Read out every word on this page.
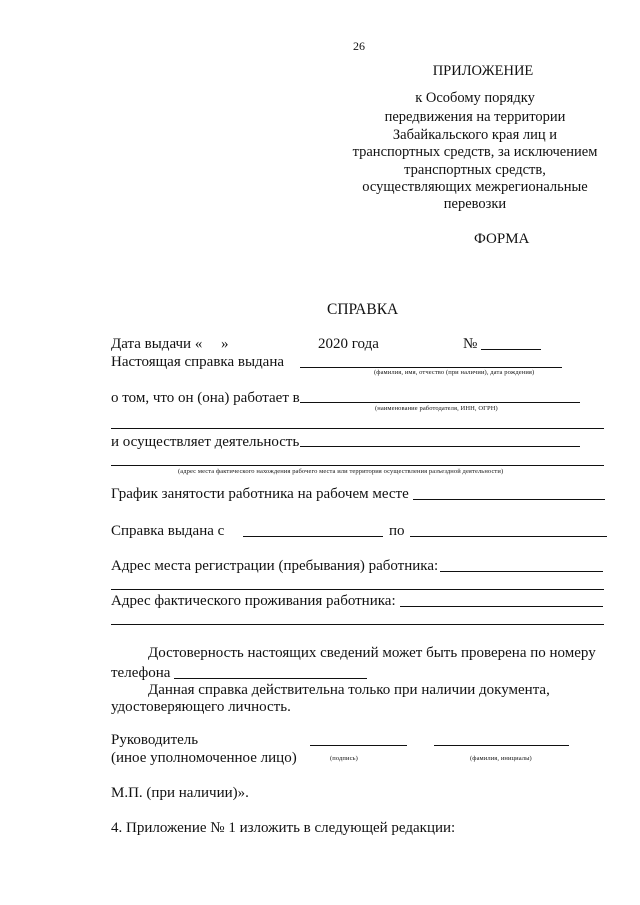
26
ПРИЛОЖЕНИЕ
к Особому порядку
передвижения на территории
Забайкальского края лиц и
транспортных средств, за исключением
транспортных средств,
осуществляющих межрегиональные
перевозки
ФОРМА
СПРАВКА
Дата выдачи « »	2020 года	№
Настоящая справка выдана
(фамилия, имя, отчество (при наличии), дата рождения)
о том, что он (она) работает в
(наименование работодателя, ИНН, ОГРН)
и осуществляет деятельность
(адрес места фактического нахождения рабочего места или территория осуществления разъездной деятельности)
График занятости работника на рабочем месте
Справка выдана с	по
Адрес места регистрации (пребывания) работника:
Адрес фактического проживания работника:
Достоверность настоящих сведений может быть проверена по номеру
телефона
Данная справка действительна только при наличии документа,
удостоверяющего личность.
Руководитель
(иное уполномоченное лицо)	(подпись)	(фамилия, инициалы)
М.П. (при наличии)».
4. Приложение № 1 изложить в следующей редакции:
